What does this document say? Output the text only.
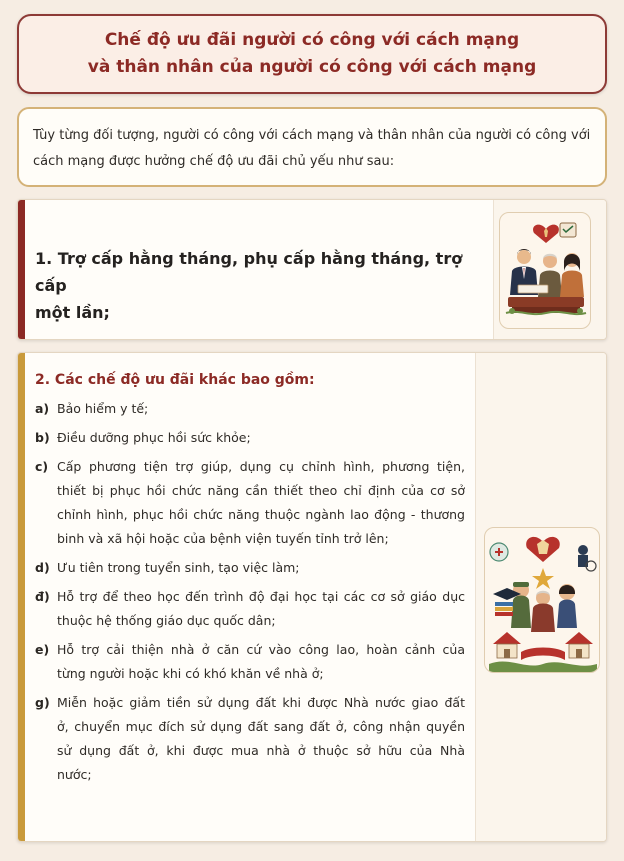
Chế độ ưu đãi người có công với cách mạng
và thân nhân của người có công với cách mạng
Tùy từng đối tượng, người có công với cách mạng và thân nhân của người có công với
cách mạng được hưởng chế độ ưu đãi chủ yếu như sau:
1. Trợ cấp hằng tháng, phụ cấp hằng tháng, trợ cấp
một lần;
2. Các chế độ ưu đãi khác bao gồm:
a) Bảo hiểm y tế;
b) Điều dưỡng phục hồi sức khỏe;
c) Cấp phương tiện trợ giúp, dụng cụ chỉnh hình, phương tiện,
thiết bị phục hồi chức năng cần thiết theo chỉ định của cơ sở
chỉnh hình, phục hồi chức năng thuộc ngành lao động - thương
binh và xã hội hoặc của bệnh viện tuyến tỉnh trở lên;
d) Ưu tiên trong tuyển sinh, tạo việc làm;
đ) Hỗ trợ để theo học đến trình độ đại học tại các cơ sở giáo dục
thuộc hệ thống giáo dục quốc dân;
e) Hỗ trợ cải thiện nhà ở căn cứ vào công lao, hoàn cảnh của
từng người hoặc khi có khó khăn về nhà ở;
g) Miễn hoặc giảm tiền sử dụng đất khi được Nhà nước giao đất
ở, chuyển mục đích sử dụng đất sang đất ở, công nhận quyền
sử dụng đất ở, khi được mua nhà ở thuộc sở hữu của Nhà
nước;
